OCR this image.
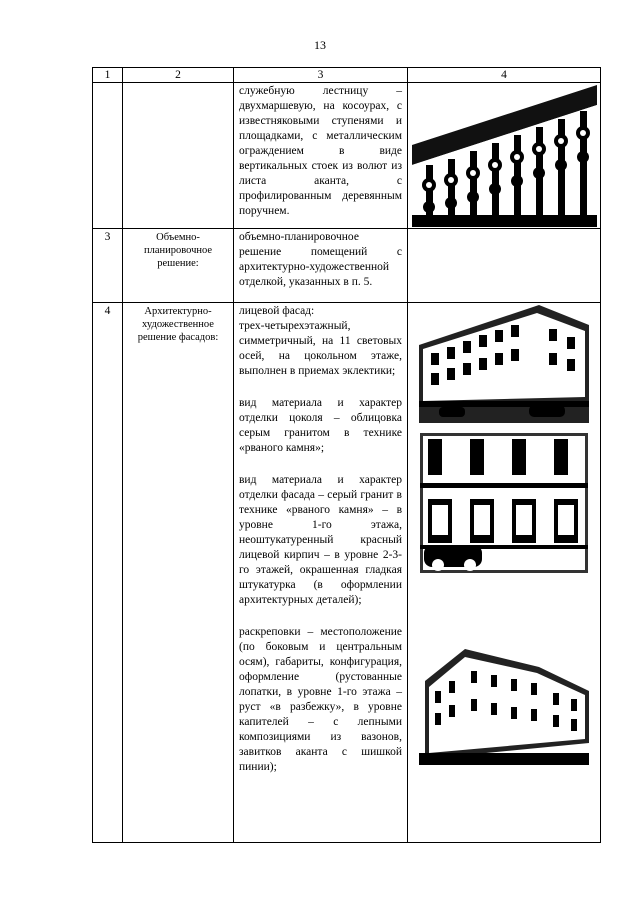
13
1	2	3	4

		служебную лестницу – двухмаршевую, на косоурах, с известняковыми ступенями и площадками, с металлическим ограждением в виде вертикальных стоек из волют из листа аканта, с профилированным деревянным поручнем.

3	Объемно-планировочное решение:	объемно-планировочное решение помещений с архитектурно-художественной отделкой, указанных в п. 5.	

4	Архитектурно-художественное решение фасадов:	лицевой фасад:

трех-четырехэтажный, симметричный, на 11 световых осей, на цокольном этаже, выполнен в приемах эклектики;

вид материала и характер отделки цоколя – облицовка серым гранитом в технике «рваного камня»;

вид материала и характер отделки фасада – серый гранит в технике «рваного камня» – в уровне 1-го этажа, неоштукатуренный красный лицевой кирпич – в уровне 2-3-го этажей, окрашенная гладкая штукатурка (в оформлении архитектурных деталей);

раскреповки – местоположение (по боковым и центральным осям), габариты, конфигурация, оформление (рустованные лопатки, в уровне 1-го этажа – руст «в разбежку», в уровне капителей – с лепными композициями из вазонов, завитков аканта с шишкой пинии);
